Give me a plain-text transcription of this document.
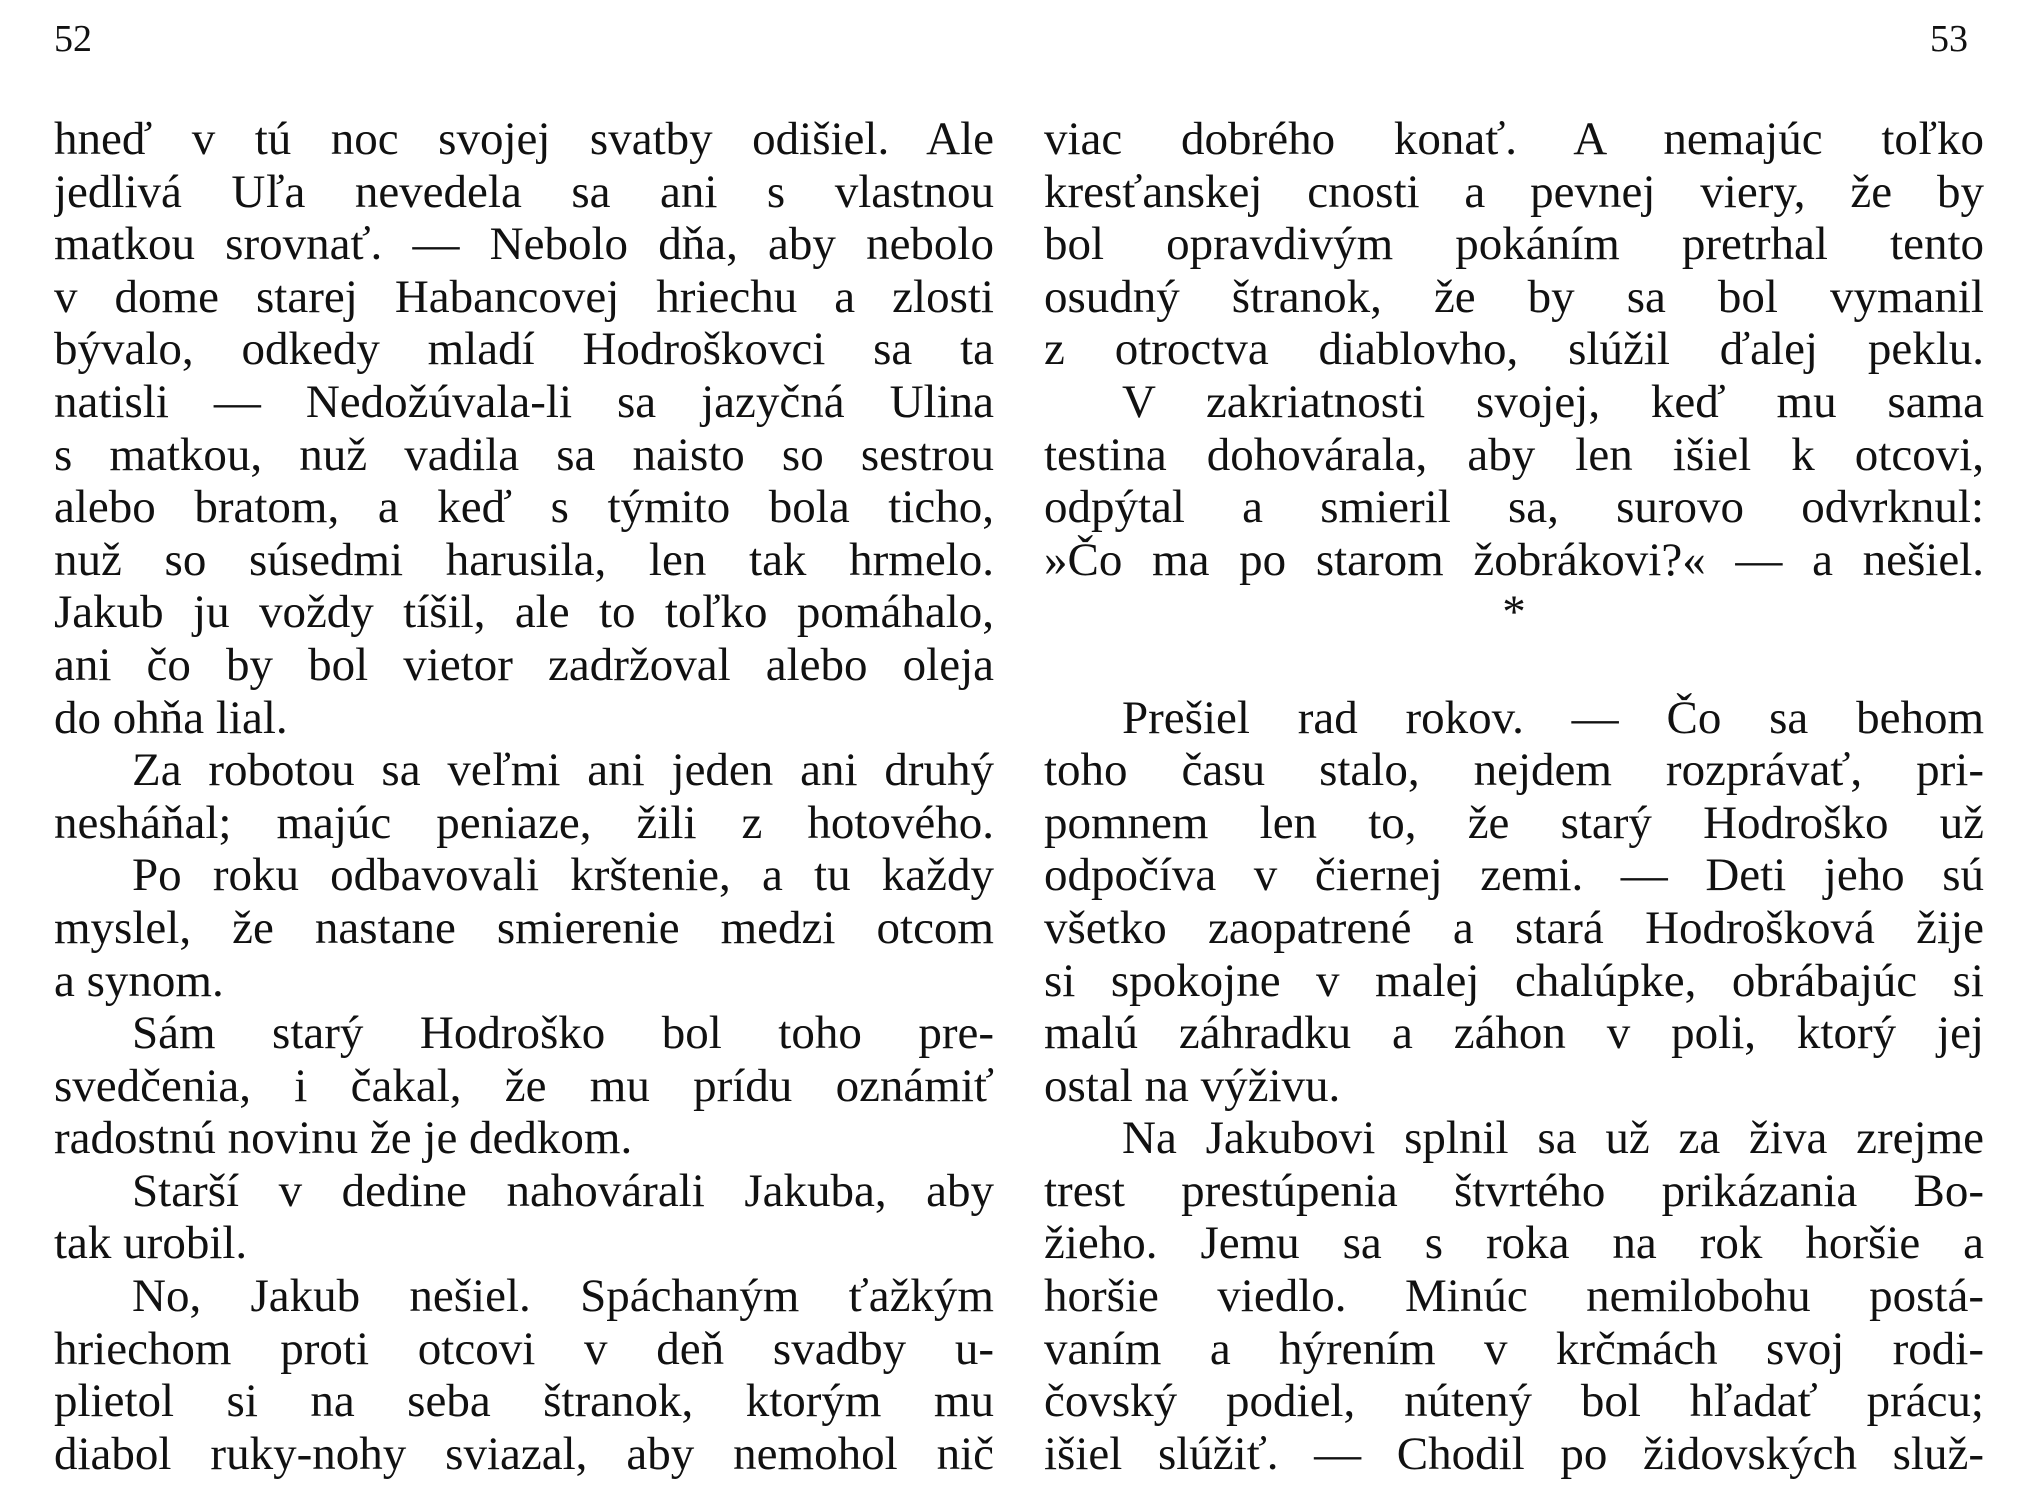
52
hneď v tú noc svojej svatby odišiel. Ale
jedlivá Uľa nevedela sa ani s vlastnou
matkou srovnať. — Nebolo dňa, aby nebolo
v dome starej Habancovej hriechu a zlosti
bývalo, odkedy mladí Hodroškovci sa ta
natisli — Nedožúvala-li sa jazyčná Ulina
s matkou, nuž vadila sa naisto so sestrou
alebo bratom, a keď s týmito bola ticho,
nuž so súsedmi harusila, len tak hrmelo.
Jakub ju voždy tíšil, ale to toľko pomáhalo,
ani čo by bol vietor zadržoval alebo oleja
do ohňa lial.
Za robotou sa veľmi ani jeden ani druhý
nesháňal; majúc peniaze, žili z hotového.
Po roku odbavovali krštenie, a tu každy
myslel, že nastane smierenie medzi otcom
a synom.
Sám starý Hodroško bol toho pre-
svedčenia, i čakal, že mu prídu oznámiť
radostnú novinu že je dedkom.
Starší v dedine nahovárali Jakuba, aby
tak urobil.
No, Jakub nešiel. Spáchaným ťažkým
hriechom proti otcovi v deň svadby u-
plietol si na seba štranok, ktorým mu
diabol ruky-nohy sviazal, aby nemohol nič
53
viac dobrého konať. A nemajúc toľko
kresťanskej cnosti a pevnej viery, že by
bol opravdivým pokáním pretrhal tento
osudný štranok, že by sa bol vymanil
z otroctva diablovho, slúžil ďalej peklu.
V zakriatnosti svojej, keď mu sama
testina dohovárala, aby len išiel k otcovi,
odpýtal a smieril sa, surovo odvrknul:
»Čo ma po starom žobrákovi?« — a nešiel.
*
Prešiel rad rokov. — Čo sa behom
toho času stalo, nejdem rozprávať, pri-
pomnem len to, že starý Hodroško už
odpočíva v čiernej zemi. — Deti jeho sú
všetko zaopatrené a stará Hodrošková žije
si spokojne v malej chalúpke, obrábajúc si
malú záhradku a záhon v poli, ktorý jej
ostal na výživu.
Na Jakubovi splnil sa už za živa zrejme
trest prestúpenia štvrtého prikázania Bo-
žieho. Jemu sa s roka na rok horšie a
horšie viedlo. Minúc nemilobohu postá-
vaním a hýrením v krčmách svoj rodi-
čovský podiel, nútený bol hľadať prácu;
išiel slúžiť. — Chodil po židovských služ-
